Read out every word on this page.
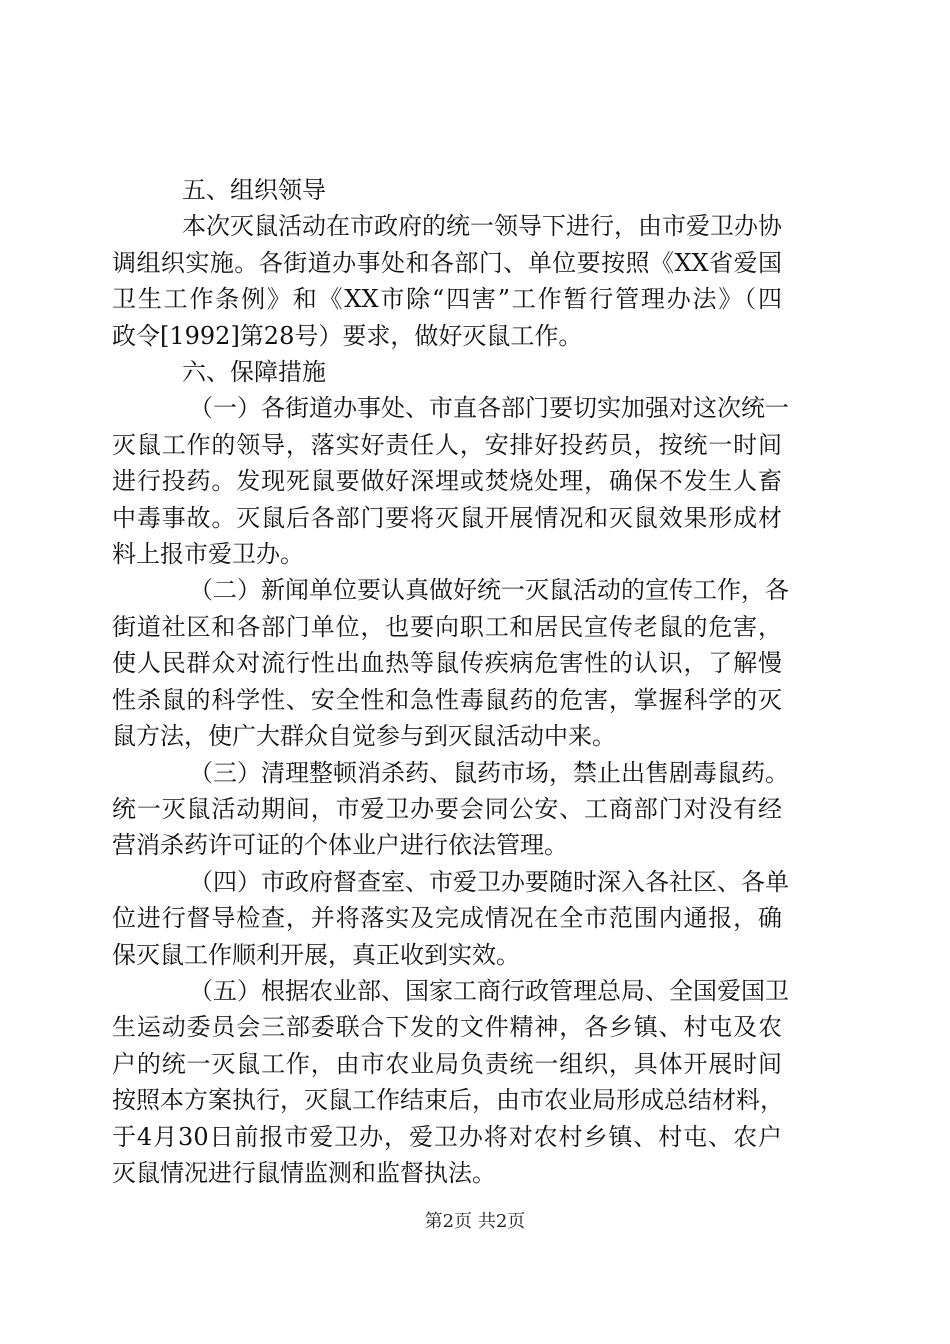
五、组织领导
本次灭鼠活动在市政府的统一领导下进行，由市爱卫办协
调组织实施。各街道办事处和各部门、单位要按照《XX省爱国
卫生工作条例》和《XX市除“四害”工作暂行管理办法》（四
政令[1992]第28号）要求，做好灭鼠工作。
六、保障措施
（一）各街道办事处、市直各部门要切实加强对这次统一
灭鼠工作的领导，落实好责任人，安排好投药员，按统一时间
进行投药。发现死鼠要做好深埋或焚烧处理，确保不发生人畜
中毒事故。灭鼠后各部门要将灭鼠开展情况和灭鼠效果形成材
料上报市爱卫办。
（二）新闻单位要认真做好统一灭鼠活动的宣传工作，各
街道社区和各部门单位，也要向职工和居民宣传老鼠的危害，
使人民群众对流行性出血热等鼠传疾病危害性的认识，了解慢
性杀鼠的科学性、安全性和急性毒鼠药的危害，掌握科学的灭
鼠方法，使广大群众自觉参与到灭鼠活动中来。
（三）清理整顿消杀药、鼠药市场，禁止出售剧毒鼠药。
统一灭鼠活动期间，市爱卫办要会同公安、工商部门对没有经
营消杀药许可证的个体业户进行依法管理。
（四）市政府督查室、市爱卫办要随时深入各社区、各单
位进行督导检查，并将落实及完成情况在全市范围内通报，确
保灭鼠工作顺利开展，真正收到实效。
（五）根据农业部、国家工商行政管理总局、全国爱国卫
生运动委员会三部委联合下发的文件精神，各乡镇、村屯及农
户的统一灭鼠工作，由市农业局负责统一组织，具体开展时间
按照本方案执行，灭鼠工作结束后，由市农业局形成总结材料，
于4月30日前报市爱卫办，爱卫办将对农村乡镇、村屯、农户
灭鼠情况进行鼠情监测和监督执法。
第2页 共2页
